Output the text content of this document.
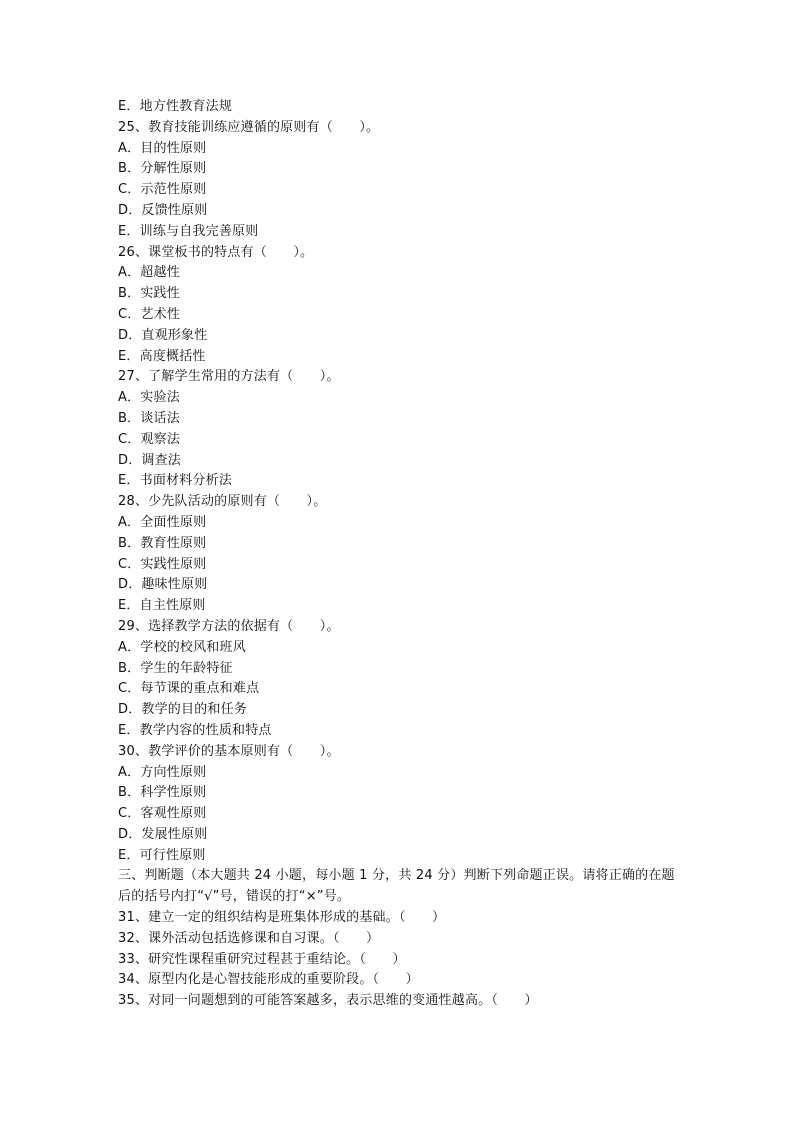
E．地方性教育法规
25、教育技能训练应遵循的原则有（　　）。
A．目的性原则
B．分解性原则
C．示范性原则
D．反馈性原则
E．训练与自我完善原则
26、课堂板书的特点有（　　）。
A．超越性
B．实践性
C．艺术性
D．直观形象性
E．高度概括性
27、了解学生常用的方法有（　　）。
A．实验法
B．谈话法
C．观察法
D．调查法
E．书面材料分析法
28、少先队活动的原则有（　　）。
A．全面性原则
B．教育性原则
C．实践性原则
D．趣味性原则
E．自主性原则
29、选择教学方法的依据有（　　）。
A．学校的校风和班风
B．学生的年龄特征
C．每节课的重点和难点
D．教学的目的和任务
E．教学内容的性质和特点
30、教学评价的基本原则有（　　）。
A．方向性原则
B．科学性原则
C．客观性原则
D．发展性原则
E．可行性原则
三、判断题（本大题共 24 小题，每小题 1 分，共 24 分）判断下列命题正误。请将正确的在题后的括号内打“√”号，错误的打“×”号。
31、建立一定的组织结构是班集体形成的基础。（　　）
32、课外活动包括选修课和自习课。（　　）
33、研究性课程重研究过程甚于重结论。（　　）
34、原型内化是心智技能形成的重要阶段。（　　）
35、对同一问题想到的可能答案越多，表示思维的变通性越高。（　　）
